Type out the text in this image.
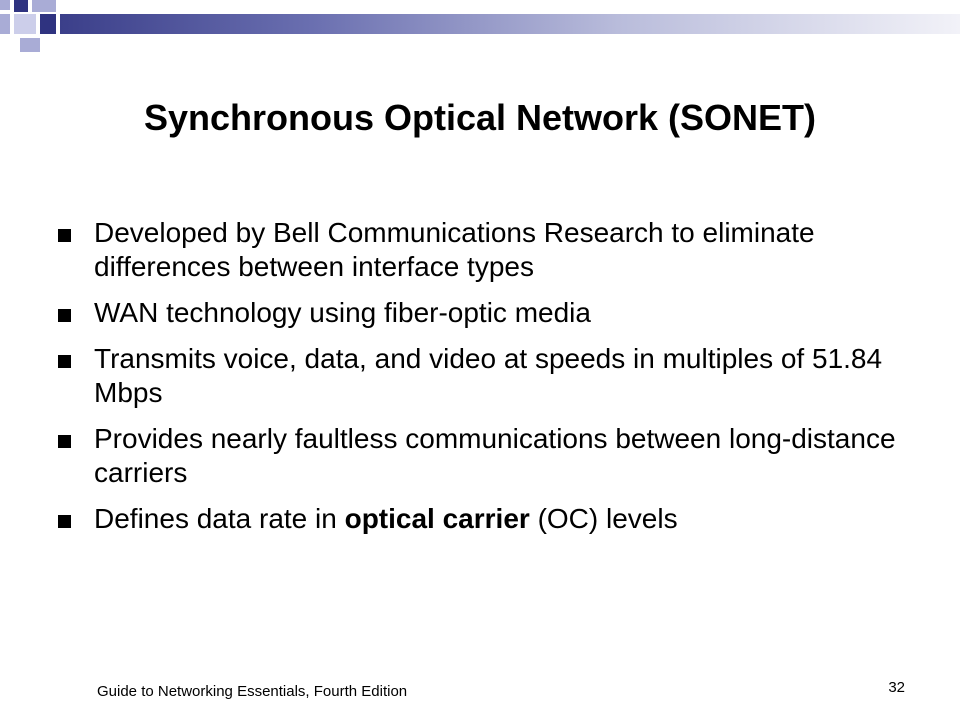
Synchronous Optical Network (SONET)
Developed by Bell Communications Research to eliminate differences between interface types
WAN technology using fiber-optic media
Transmits voice, data, and video at speeds in multiples of 51.84 Mbps
Provides nearly faultless communications between long-distance carriers
Defines data rate in optical carrier (OC) levels
Guide to Networking Essentials, Fourth Edition	32
